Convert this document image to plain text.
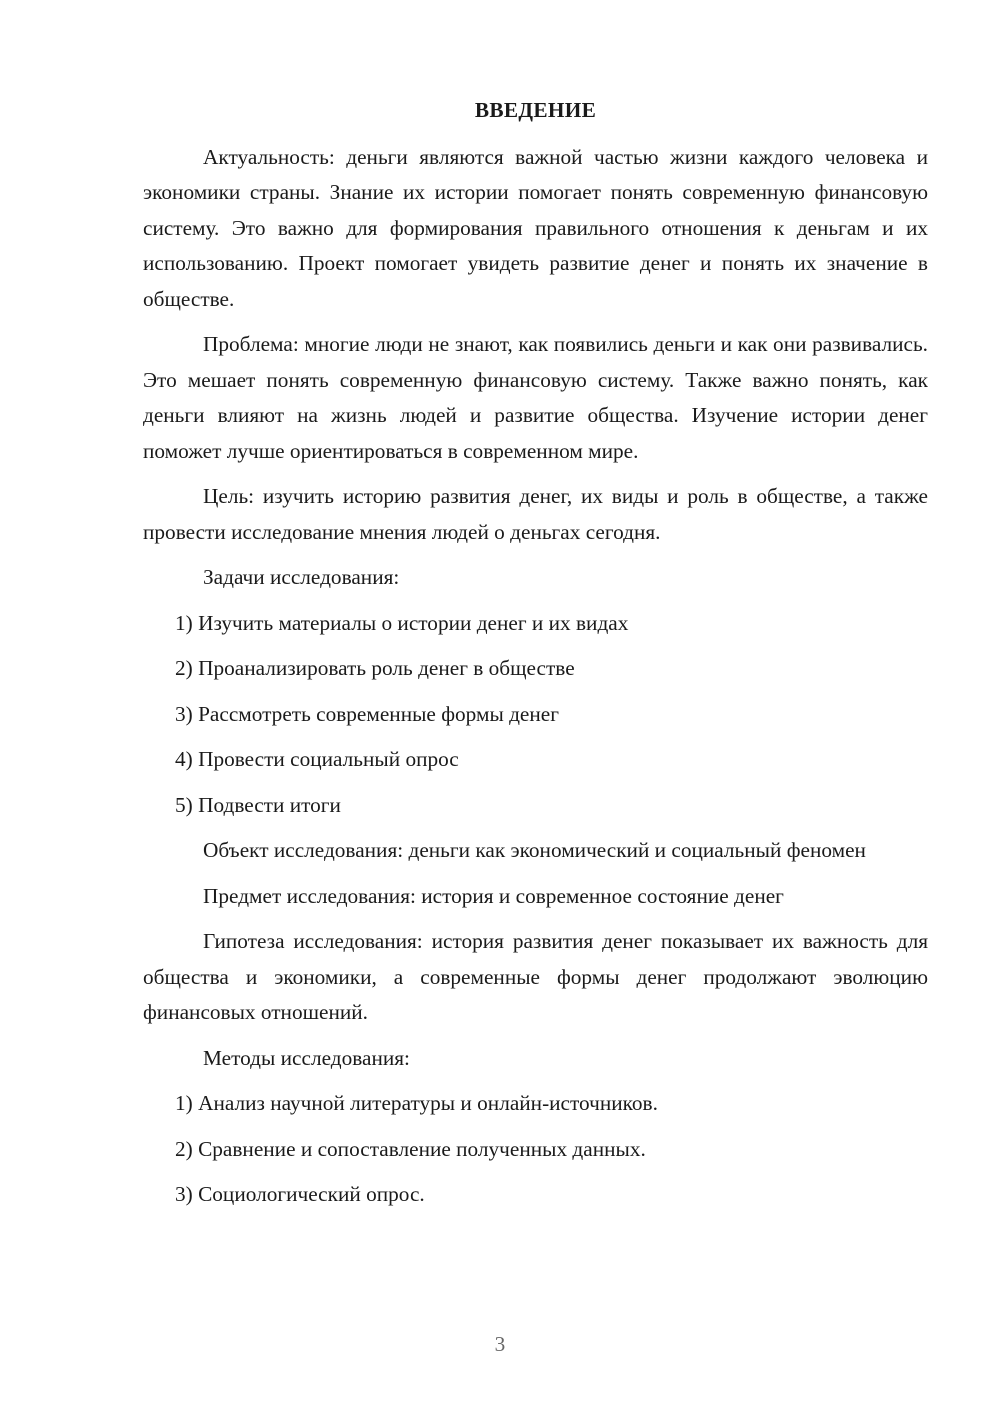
ВВЕДЕНИЕ

Актуальность: деньги являются важной частью жизни каждого человека и экономики страны. Знание их истории помогает понять современную финансовую систему. Это важно для формирования правильного отношения к деньгам и их использованию. Проект помогает увидеть развитие денег и понять их значение в обществе.

Проблема: многие люди не знают, как появились деньги и как они развивались. Это мешает понять современную финансовую систему. Также важно понять, как деньги влияют на жизнь людей и развитие общества. Изучение истории денег поможет лучше ориентироваться в современном мире.

Цель: изучить историю развития денег, их виды и роль в обществе, а также провести исследование мнения людей о деньгах сегодня.

Задачи исследования:

1) Изучить материалы о истории денег и их видах

2) Проанализировать роль денег в обществе

3) Рассмотреть современные формы денег

4) Провести социальный опрос

5) Подвести итоги

Объект исследования: деньги как экономический и социальный феномен

Предмет исследования: история и современное состояние денег

Гипотеза исследования: история развития денег показывает их важность для общества и экономики, а современные формы денег продолжают эволюцию финансовых отношений.

Методы исследования:

1) Анализ научной литературы и онлайн-источников.

2) Сравнение и сопоставление полученных данных.

3) Социологический опрос.

3
